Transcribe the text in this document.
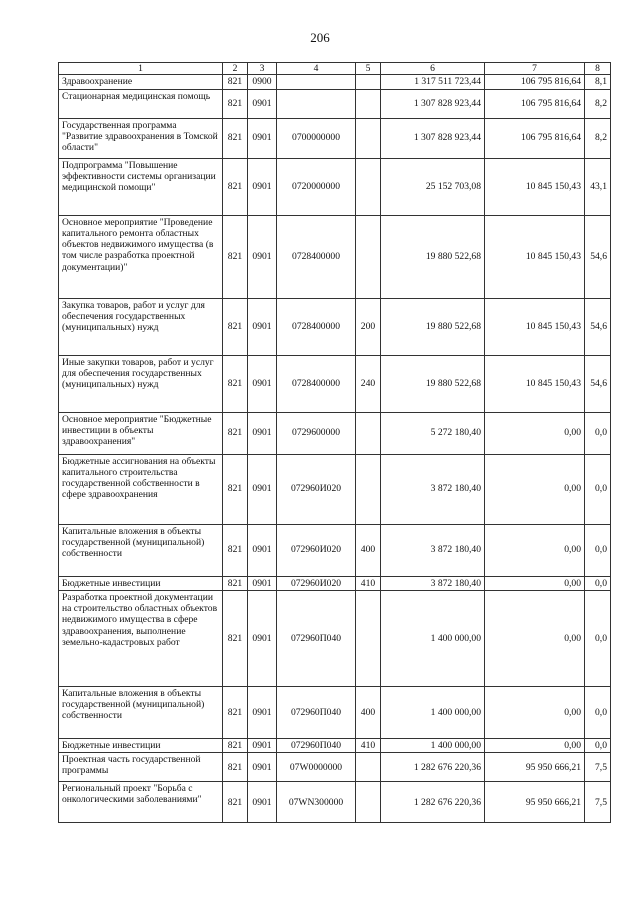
206
1	2	3	4	5	6	7	8
Здравоохранение	821	0900			1 317 511 723,44	106 795 816,64	8,1
Стационарная медицинская помощь	821	0901			1 307 828 923,44	106 795 816,64	8,2
Государственная программа "Развитие здравоохранения в Томской области"	821	0901	0700000000		1 307 828 923,44	106 795 816,64	8,2
Подпрограмма "Повышение эффективности системы организации медицинской помощи"	821	0901	0720000000		25 152 703,08	10 845 150,43	43,1
Основное мероприятие "Проведение капитального ремонта областных объектов недвижимого имущества (в том числе разработка проектной документации)"	821	0901	0728400000		19 880 522,68	10 845 150,43	54,6
Закупка товаров, работ и услуг для обеспечения государственных (муниципальных) нужд	821	0901	0728400000	200	19 880 522,68	10 845 150,43	54,6
Иные закупки товаров, работ и услуг для обеспечения государственных (муниципальных) нужд	821	0901	0728400000	240	19 880 522,68	10 845 150,43	54,6
Основное мероприятие "Бюджетные инвестиции в объекты здравоохранения"	821	0901	0729600000		5 272 180,40	0,00	0,0
Бюджетные ассигнования на объекты капитального строительства государственной собственности в сфере здравоохранения	821	0901	072960И020		3 872 180,40	0,00	0,0
Капитальные вложения в объекты государственной (муниципальной) собственности	821	0901	072960И020	400	3 872 180,40	0,00	0,0
Бюджетные инвестиции	821	0901	072960И020	410	3 872 180,40	0,00	0,0
Разработка проектной документации на строительство областных объектов недвижимого имущества в сфере здравоохранения, выполнение земельно-кадастровых работ	821	0901	072960П040		1 400 000,00	0,00	0,0
Капитальные вложения в объекты государственной (муниципальной) собственности	821	0901	072960П040	400	1 400 000,00	0,00	0,0
Бюджетные инвестиции	821	0901	072960П040	410	1 400 000,00	0,00	0,0
Проектная часть государственной программы	821	0901	07W0000000		1 282 676 220,36	95 950 666,21	7,5
Региональный проект "Борьба с онкологическими заболеваниями"	821	0901	07WN300000		1 282 676 220,36	95 950 666,21	7,5
